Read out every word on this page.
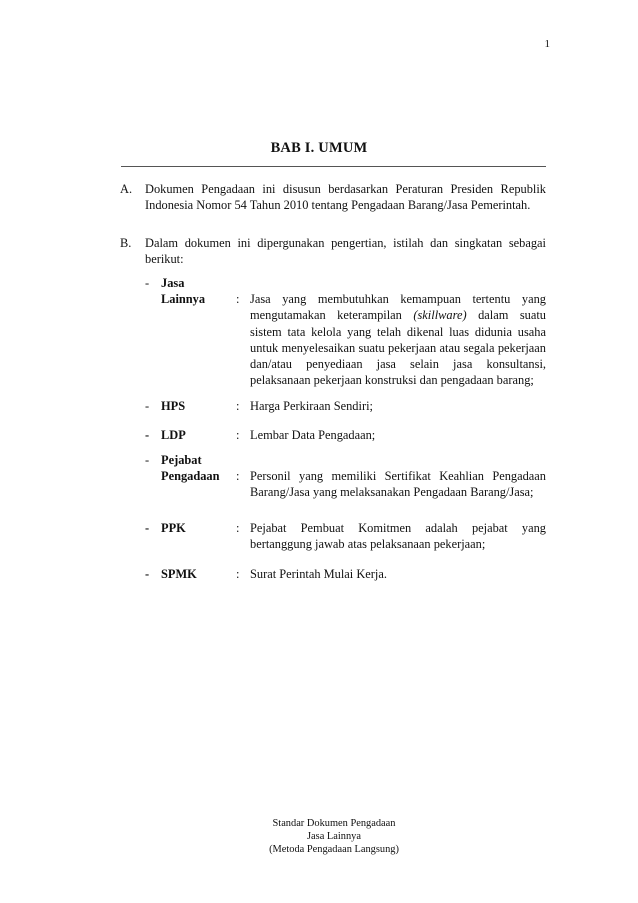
1
BAB I. UMUM
A. Dokumen Pengadaan ini disusun berdasarkan Peraturan Presiden Republik Indonesia Nomor 54 Tahun 2010 tentang Pengadaan Barang/Jasa Pemerintah.
B. Dalam dokumen ini dipergunakan pengertian, istilah dan singkatan sebagai berikut:
- Jasa
Lainnya : Jasa yang membutuhkan kemampuan tertentu yang mengutamakan keterampilan (skillware) dalam suatu sistem tata kelola yang telah dikenal luas didunia usaha untuk menyelesaikan suatu pekerjaan atau segala pekerjaan dan/atau penyediaan jasa selain jasa konsultansi, pelaksanaan pekerjaan konstruksi dan pengadaan barang;
- HPS	: Harga Perkiraan Sendiri;
- LDP	: Lembar Data Pengadaan;
- Pejabat
Pengadaan : Personil yang memiliki Sertifikat Keahlian Pengadaan Barang/Jasa yang melaksanakan Pengadaan Barang/Jasa;
- PPK	: Pejabat Pembuat Komitmen adalah pejabat yang bertanggung jawab atas pelaksanaan pekerjaan;
- SPMK	: Surat Perintah Mulai Kerja.
Standar Dokumen Pengadaan
Jasa Lainnya
(Metoda Pengadaan Langsung)
